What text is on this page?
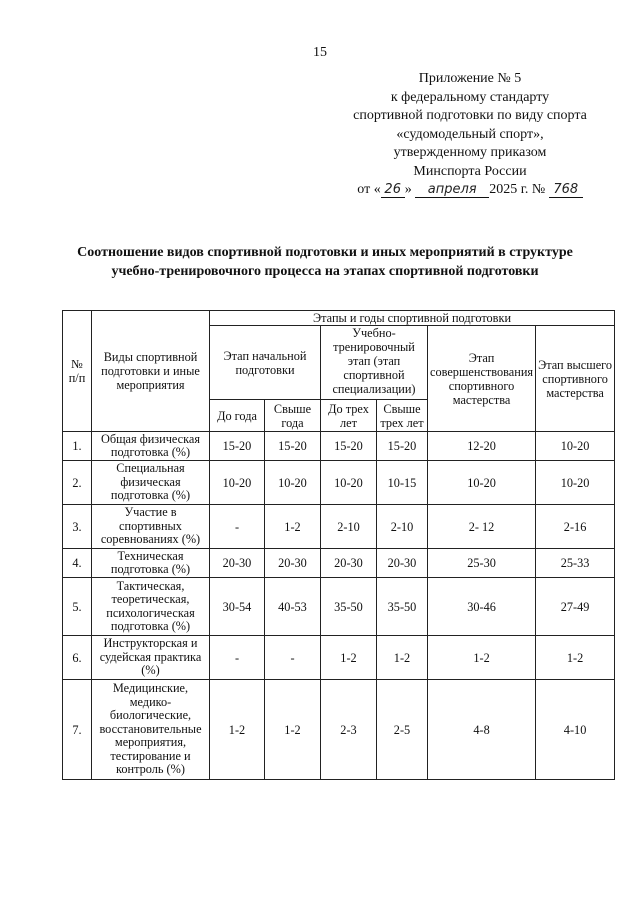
15
Приложение № 5
к федеральному стандарту
спортивной подготовки по виду спорта
«судомодельный спорт»,
утвержденному приказом
Минспорта России
от « 26 » апреля 2025 г. № 768
Соотношение видов спортивной подготовки и иных мероприятий в структуре
учебно-тренировочного процесса на этапах спортивной подготовки
№ п/п	Виды спортивной подготовки и иные мероприятия	Этапы и годы спортивной подготовки					
		Этап начальной подготовки		Учебно-тренировочный этап (этап спортивной специализации)		Этап совершенствования спортивного мастерства	Этап высшего спортивного мастерства
		До года	Свыше года	До трех лет	Свыше трех лет		
1.	Общая физическая подготовка (%)	15-20	15-20	15-20	15-20	12-20	10-20
2.	Специальная физическая подготовка (%)	10-20	10-20	10-20	10-15	10-20	10-20
3.	Участие в спортивных соревнованиях (%)	-	1-2	2-10	2-10	2- 12	2-16
4.	Техническая подготовка (%)	20-30	20-30	20-30	20-30	25-30	25-33
5.	Тактическая, теоретическая, психологическая подготовка (%)	30-54	40-53	35-50	35-50	30-46	27-49
6.	Инструкторская и судейская практика (%)	-	-	1-2	1-2	1-2	1-2
7.	Медицинские, медико-биологические, восстановительные мероприятия, тестирование и контроль (%)	1-2	1-2	2-3	2-5	4-8	4-10
